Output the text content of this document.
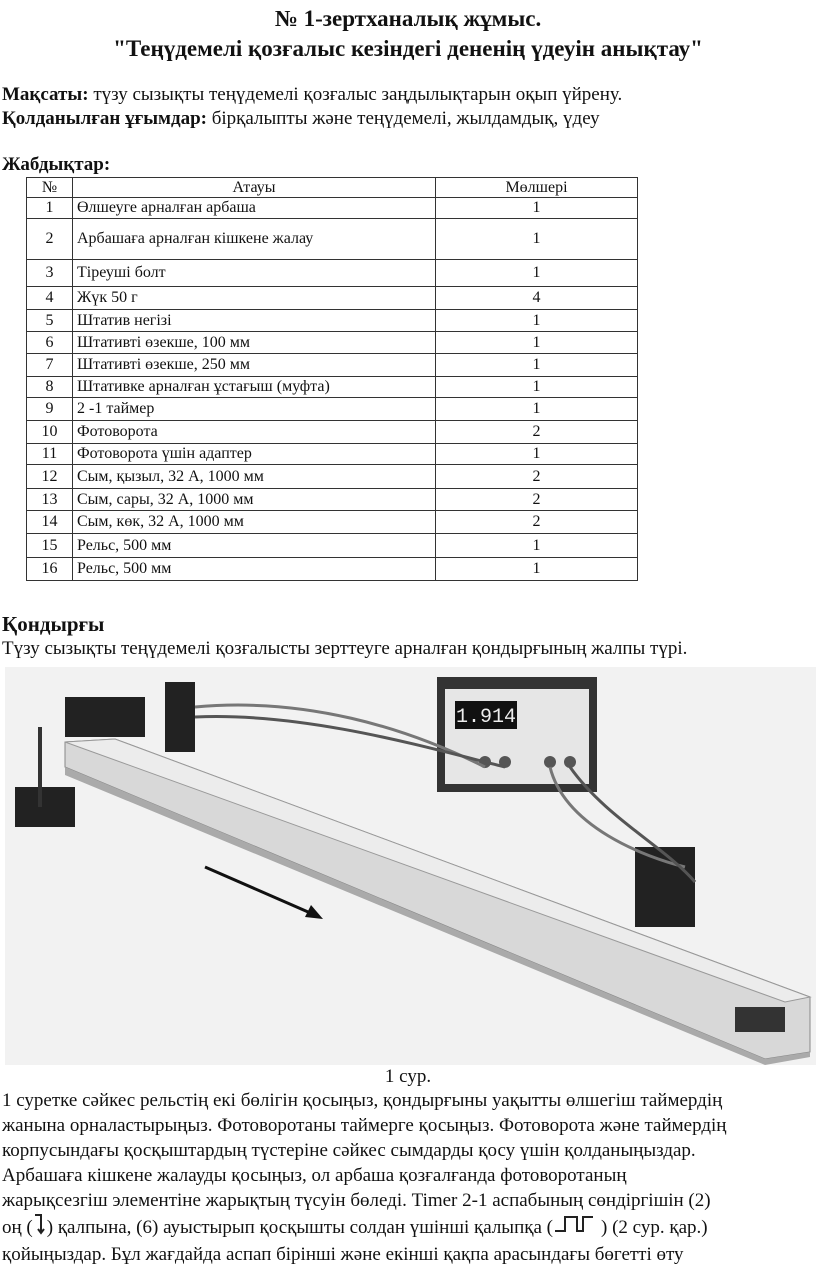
№ 1-зертханалық жұмыс.
"Теңүдемелі қозғалыс кезіндегі дененің үдеуін анықтау"
Мақсаты: түзу сызықты теңүдемелі қозғалыс заңдылықтарын оқып үйрену.
Қолданылған ұғымдар: бірқалыпты және теңүдемелі, жылдамдық, үдеу
Жабдықтар:
№	Атауы	Мөлшері
1	Өлшеуге арналған арбаша	1
2	Арбашаға арналған кішкене жалау	1
3	Тіреуші болт	1
4	Жүк 50 г	4
5	Штатив негізі	1
6	Штативті өзекше, 100 мм	1
7	Штативті өзекше, 250 мм	1
8	Штативке арналған ұстағыш (муфта)	1
9	2 -1 таймер	1
10	Фотоворота	2
11	Фотоворота үшін адаптер	1
12	Сым, қызыл, 32 А, 1000 мм	2
13	Сым, сары, 32 А, 1000 мм	2
14	Сым, көк, 32 А, 1000 мм	2
15	Рельс, 500 мм	1
16	Рельс, 500 мм	1
Қондырғы
Түзу сызықты теңүдемелі қозғалысты зерттеуге арналған қондырғының жалпы түрі.
1.914
1 сур.
1 суретке сәйкес рельстің екі бөлігін қосыңыз, қондырғыны уақытты өлшегіш таймердің
жанына орналастырыңыз. Фотоворотаны таймерге қосыңыз. Фотоворота және таймердің
корпусындағы қосқыштардың түстеріне сәйкес сымдарды қосу үшін қолданыңыздар.
Арбашаға кішкене жалауды қосыңыз, ол арбаша қозғалғанда фотоворотаның
жарықсезгіш элементіне жарықтың түсуін бөледі. Timer 2-1 аспабының сөндіргішін (2)
оң ( ) қалпына, (6) ауыстырып қосқышты солдан үшінші қалыпқа (	) (2 сур. қар.)
қойыңыздар. Бұл жағдайда аспап бірінші және екінші қақпа арасындағы бөгетті өту
